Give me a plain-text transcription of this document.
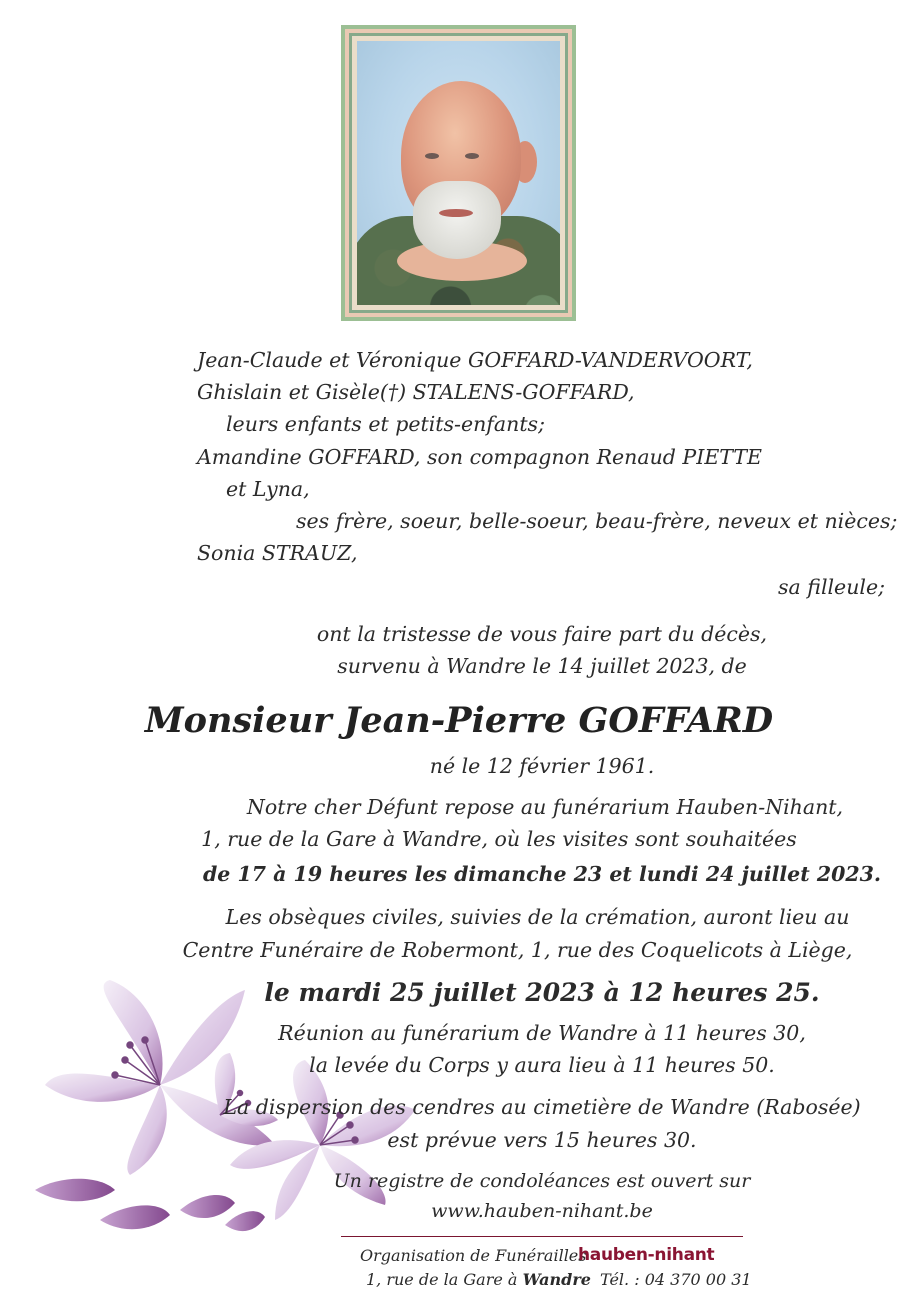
Jean-Claude et Véronique GOFFARD-VANDERVOORT,
Ghislain et Gisèle(†) STALENS-GOFFARD,
leurs enfants et petits-enfants;
Amandine GOFFARD, son compagnon Renaud PIETTE
et Lyna,
ses frère, soeur, belle-soeur, beau-frère, neveux et nièces;
Sonia STRAUZ,
sa filleule;
ont la tristesse de vous faire part du décès,
survenu à Wandre le 14 juillet 2023, de
Monsieur Jean-Pierre GOFFARD
né le 12 février 1961.
Notre cher Défunt repose au funérarium Hauben-Nihant,
1, rue de la Gare à Wandre, où les visites sont souhaitées
de 17 à 19 heures les dimanche 23 et lundi 24 juillet 2023.
Les obsèques civiles, suivies de la crémation, auront lieu au
Centre Funéraire de Robermont, 1, rue des Coquelicots à Liège,
le mardi 25 juillet 2023 à 12 heures 25.
Réunion au funérarium de Wandre à 11 heures 30,
la levée du Corps y aura lieu à 11 heures 50.
La dispersion des cendres au cimetière de Wandre (Rabosée)
est prévue vers 15 heures 30.
Un registre de condoléances est ouvert sur
www.hauben-nihant.be
Organisation de Funérailles
hauben-nihant
1, rue de la Gare à Wandre Tél. : 04 370 00 31
